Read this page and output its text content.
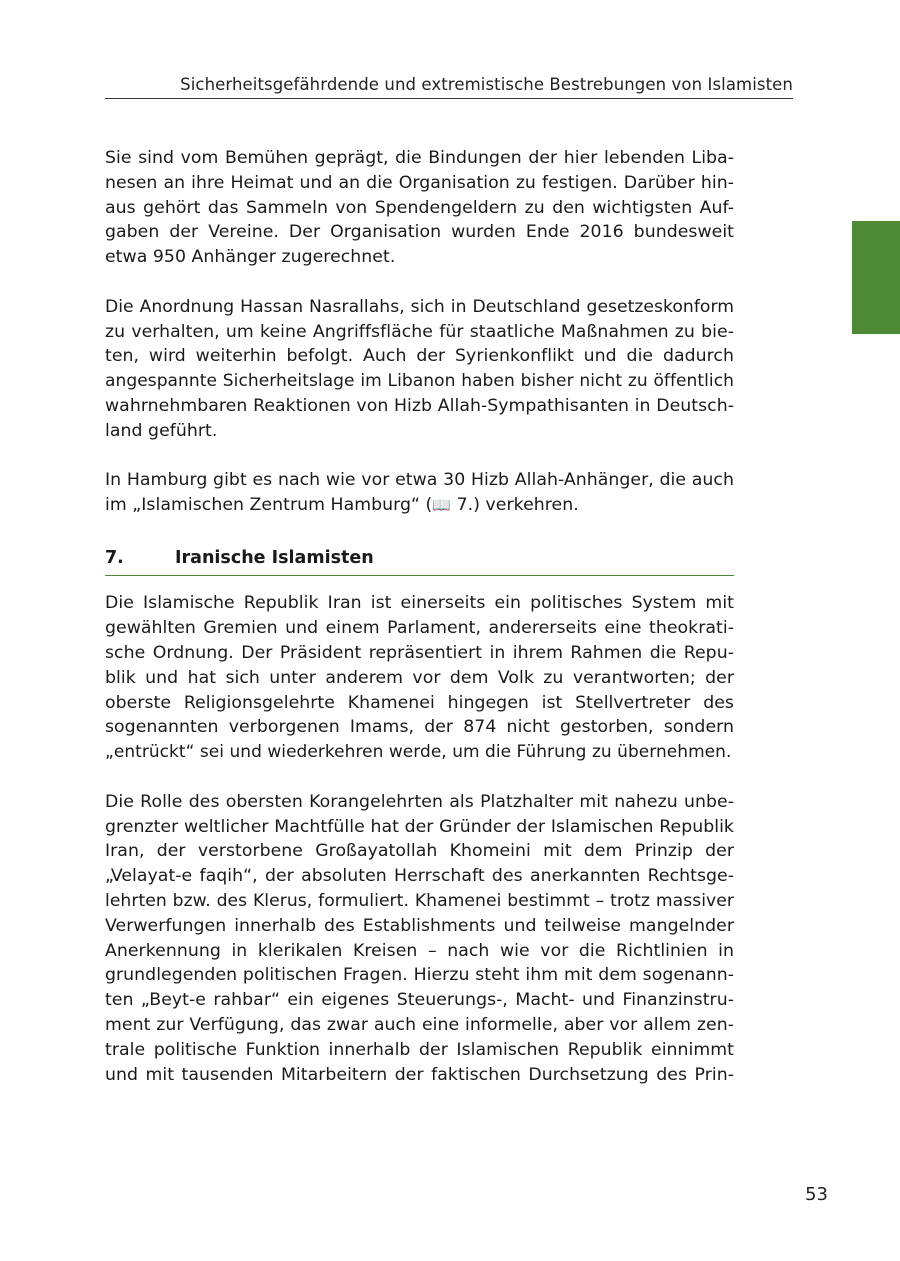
Sicherheitsgefährdende und extremistische Bestrebungen von Islamisten
Sie sind vom Bemühen geprägt, die Bindungen der hier lebenden Liba-
nesen an ihre Heimat und an die Organisation zu festigen. Darüber hin-
aus gehört das Sammeln von Spendengeldern zu den wichtigsten Auf-
gaben der Vereine. Der Organisation wurden Ende 2016 bundesweit
etwa 950 Anhänger zugerechnet.
Die Anordnung Hassan Nasrallahs, sich in Deutschland gesetzeskonform
zu verhalten, um keine Angriffsfläche für staatliche Maßnahmen zu bie-
ten, wird weiterhin befolgt. Auch der Syrienkonflikt und die dadurch
angespannte Sicherheitslage im Libanon haben bisher nicht zu öffentlich
wahrnehmbaren Reaktionen von Hizb Allah-Sympathisanten in Deutsch-
land geführt.
In Hamburg gibt es nach wie vor etwa 30 Hizb Allah-Anhänger, die auch
im „Islamischen Zentrum Hamburg“ (📖 7.) verkehren.
7.	Iranische Islamisten
Die Islamische Republik Iran ist einerseits ein politisches System mit
gewählten Gremien und einem Parlament, andererseits eine theokrati-
sche Ordnung. Der Präsident repräsentiert in ihrem Rahmen die Repu-
blik und hat sich unter anderem vor dem Volk zu verantworten; der
oberste Religionsgelehrte Khamenei hingegen ist Stellvertreter des
sogenannten verborgenen Imams, der 874 nicht gestorben, sondern
„entrückt“ sei und wiederkehren werde, um die Führung zu übernehmen.
Die Rolle des obersten Korangelehrten als Platzhalter mit nahezu unbe-
grenzter weltlicher Machtfülle hat der Gründer der Islamischen Republik
Iran, der verstorbene Großayatollah Khomeini mit dem Prinzip der
„Velayat-e faqih“, der absoluten Herrschaft des anerkannten Rechtsge-
lehrten bzw. des Klerus, formuliert. Khamenei bestimmt – trotz massiver
Verwerfungen innerhalb des Establishments und teilweise mangelnder
Anerkennung in klerikalen Kreisen – nach wie vor die Richtlinien in
grundlegenden politischen Fragen. Hierzu steht ihm mit dem sogenann-
ten „Beyt-e rahbar“ ein eigenes Steuerungs-, Macht- und Finanzinstru-
ment zur Verfügung, das zwar auch eine informelle, aber vor allem zen-
trale politische Funktion innerhalb der Islamischen Republik einnimmt
und mit tausenden Mitarbeitern der faktischen Durchsetzung des Prin-
53
